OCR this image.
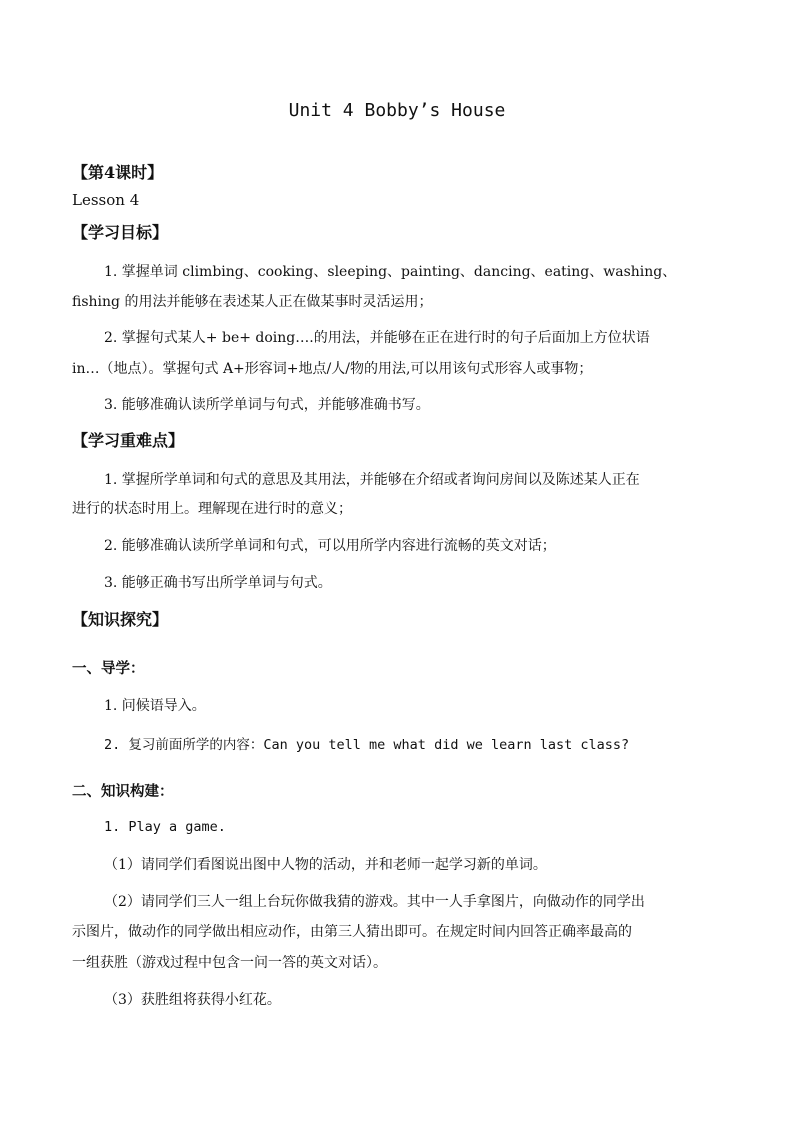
Unit 4 Bobby’s House
【第4课时】
Lesson 4
【学习目标】
1. 掌握单词 climbing、cooking、sleeping、painting、dancing、eating、washing、
fishing 的用法并能够在表述某人正在做某事时灵活运用；
2. 掌握句式某人+ be+ doing….的用法，并能够在正在进行时的句子后面加上方位状语
in…（地点）。掌握句式 A+形容词+地点/人/物的用法,可以用该句式形容人或事物；
3. 能够准确认读所学单词与句式，并能够准确书写。
【学习重难点】
1. 掌握所学单词和句式的意思及其用法，并能够在介绍或者询问房间以及陈述某人正在
进行的状态时用上。理解现在进行时的意义；
2. 能够准确认读所学单词和句式，可以用所学内容进行流畅的英文对话；
3. 能够正确书写出所学单词与句式。
【知识探究】
一、导学：
1. 问候语导入。
2. 复习前面所学的内容：Can you tell me what did we learn last class?
二、知识构建：
1. Play a game.
（1）请同学们看图说出图中人物的活动，并和老师一起学习新的单词。
（2）请同学们三人一组上台玩你做我猜的游戏。其中一人手拿图片，向做动作的同学出
示图片，做动作的同学做出相应动作，由第三人猜出即可。在规定时间内回答正确率最高的
一组获胜（游戏过程中包含一问一答的英文对话）。
（3）获胜组将获得小红花。
